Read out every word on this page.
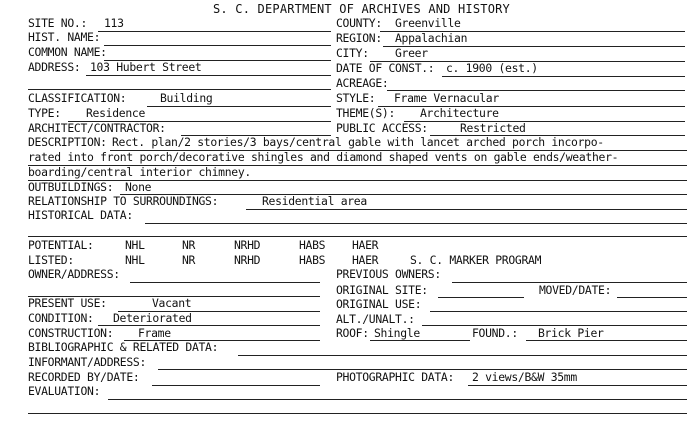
S. C. DEPARTMENT OF ARCHIVES AND HISTORY
SITE NO.: 113
HIST. NAME:
COMMON NAME:
ADDRESS: 103 Hubert Street
COUNTY: Greenville
REGION: Appalachian
CITY: Greer
DATE OF CONST.: c. 1900 (est.)
ACREAGE:
CLASSIFICATION:	Building	STYLE: Frame Vernacular
TYPE: Residence	THEME(S): Architecture
ARCHITECT/CONTRACTOR:	PUBLIC ACCESS:	Restricted
DESCRIPTION: Rect. plan/2 stories/3 bays/central gable with lancet arched porch incorpo-
rated into front porch/decorative shingles and diamond shaped vents on gable ends/weather-
boarding/central interior chimney.
OUTBUILDINGS: None
RELATIONSHIP TO SURROUNDINGS:	Residential area
HISTORICAL DATA:
POTENTIAL:	NHL	NR	NRHD	HABS HAER
LISTED:	NHL	NR	NRHD	HABS HAER	S. C. MARKER PROGRAM
OWNER/ADDRESS:	PREVIOUS OWNERS:
ORIGINAL SITE:	MOVED/DATE:
PRESENT USE:	Vacant	ORIGINAL USE:
CONDITION: Deteriorated	ALT./UNALT.:
CONSTRUCTION: Frame	ROOF: Shingle	FOUND.: Brick Pier
BIBLIOGRAPHIC & RELATED DATA:
INFORMANT/ADDRESS:
RECORDED BY/DATE:	PHOTOGRAPHIC DATA: 2 views/B&W 35mm
EVALUATION:
